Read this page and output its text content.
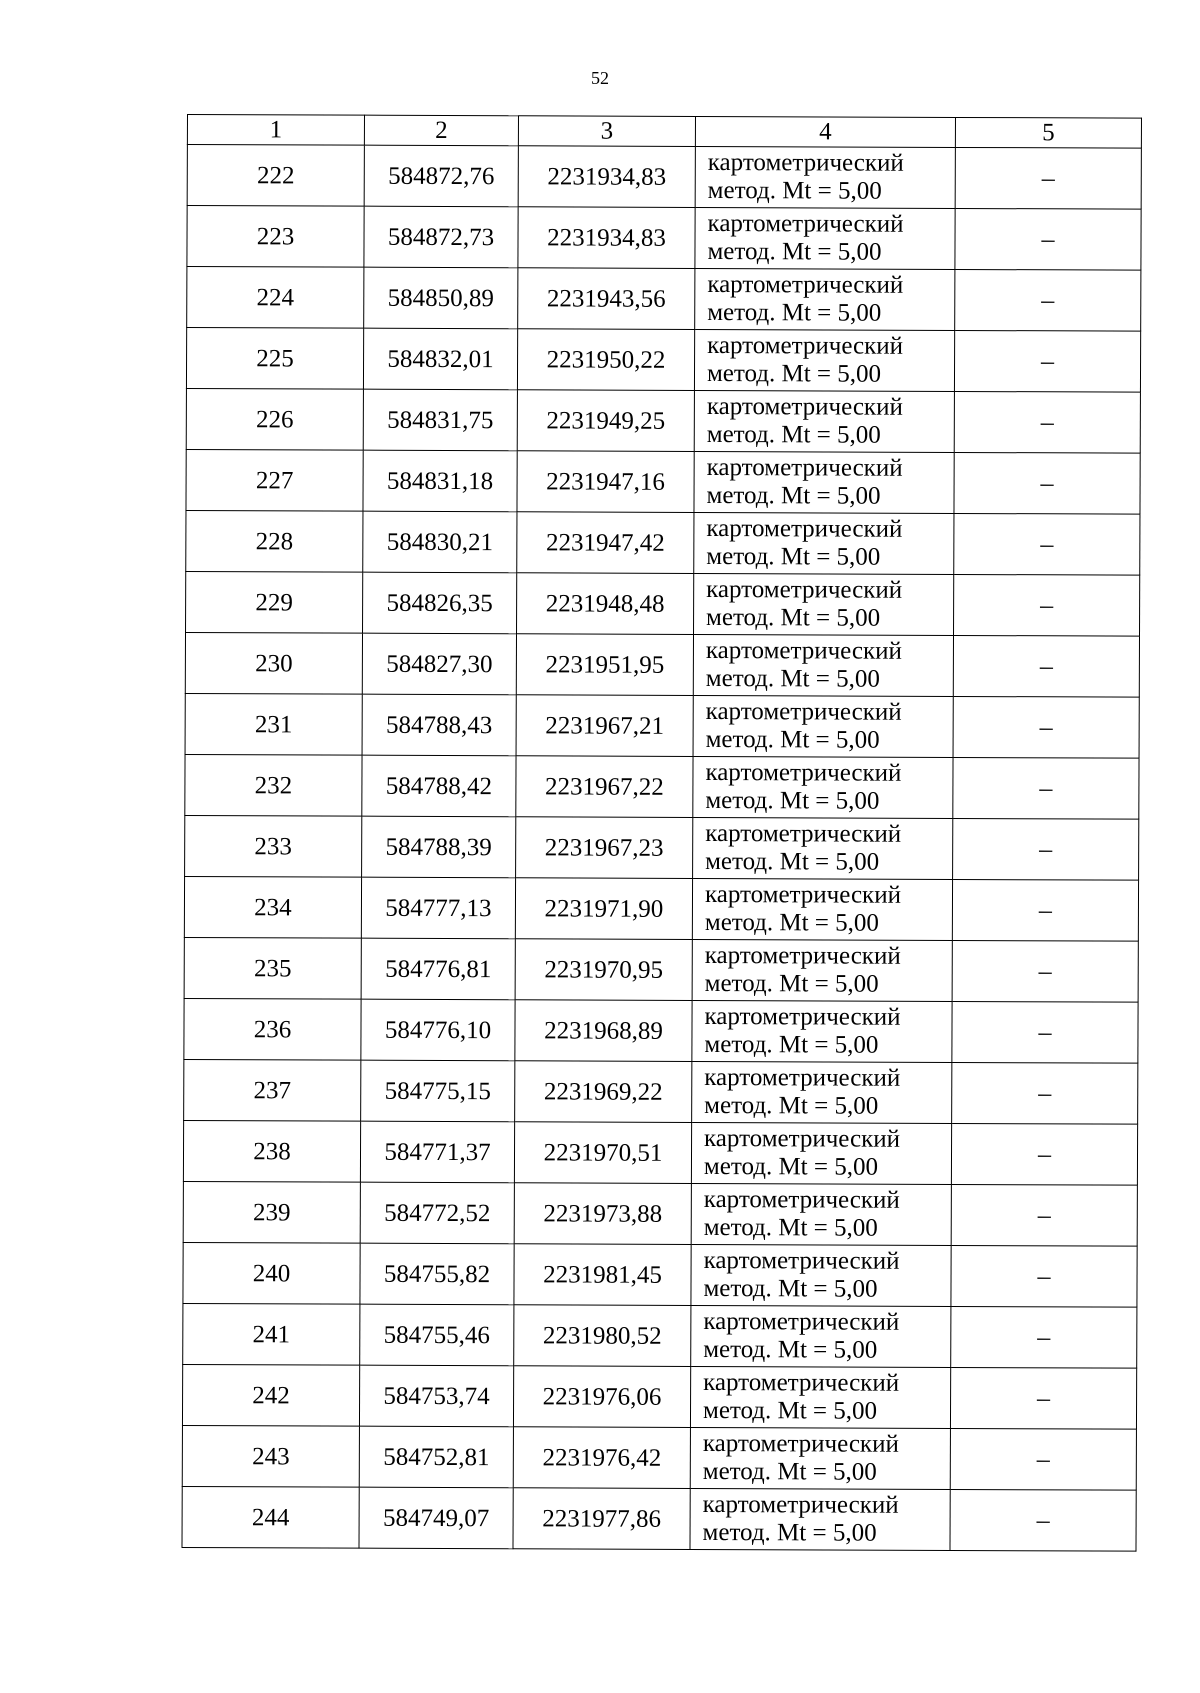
52
1	2	3	4	5
222	584872,76	2231934,83	картометрический
метод. Mt = 5,00	–
223	584872,73	2231934,83	картометрический
метод. Mt = 5,00	–
224	584850,89	2231943,56	картометрический
метод. Mt = 5,00	–
225	584832,01	2231950,22	картометрический
метод. Mt = 5,00	–
226	584831,75	2231949,25	картометрический
метод. Mt = 5,00	–
227	584831,18	2231947,16	картометрический
метод. Mt = 5,00	–
228	584830,21	2231947,42	картометрический
метод. Mt = 5,00	–
229	584826,35	2231948,48	картометрический
метод. Mt = 5,00	–
230	584827,30	2231951,95	картометрический
метод. Mt = 5,00	–
231	584788,43	2231967,21	картометрический
метод. Mt = 5,00	–
232	584788,42	2231967,22	картометрический
метод. Mt = 5,00	–
233	584788,39	2231967,23	картометрический
метод. Mt = 5,00	–
234	584777,13	2231971,90	картометрический
метод. Mt = 5,00	–
235	584776,81	2231970,95	картометрический
метод. Mt = 5,00	–
236	584776,10	2231968,89	картометрический
метод. Mt = 5,00	–
237	584775,15	2231969,22	картометрический
метод. Mt = 5,00	–
238	584771,37	2231970,51	картометрический
метод. Mt = 5,00	–
239	584772,52	2231973,88	картометрический
метод. Mt = 5,00	–
240	584755,82	2231981,45	картометрический
метод. Mt = 5,00	–
241	584755,46	2231980,52	картометрический
метод. Mt = 5,00	–
242	584753,74	2231976,06	картометрический
метод. Mt = 5,00	–
243	584752,81	2231976,42	картометрический
метод. Mt = 5,00	–
244	584749,07	2231977,86	картометрический
метод. Mt = 5,00	–
